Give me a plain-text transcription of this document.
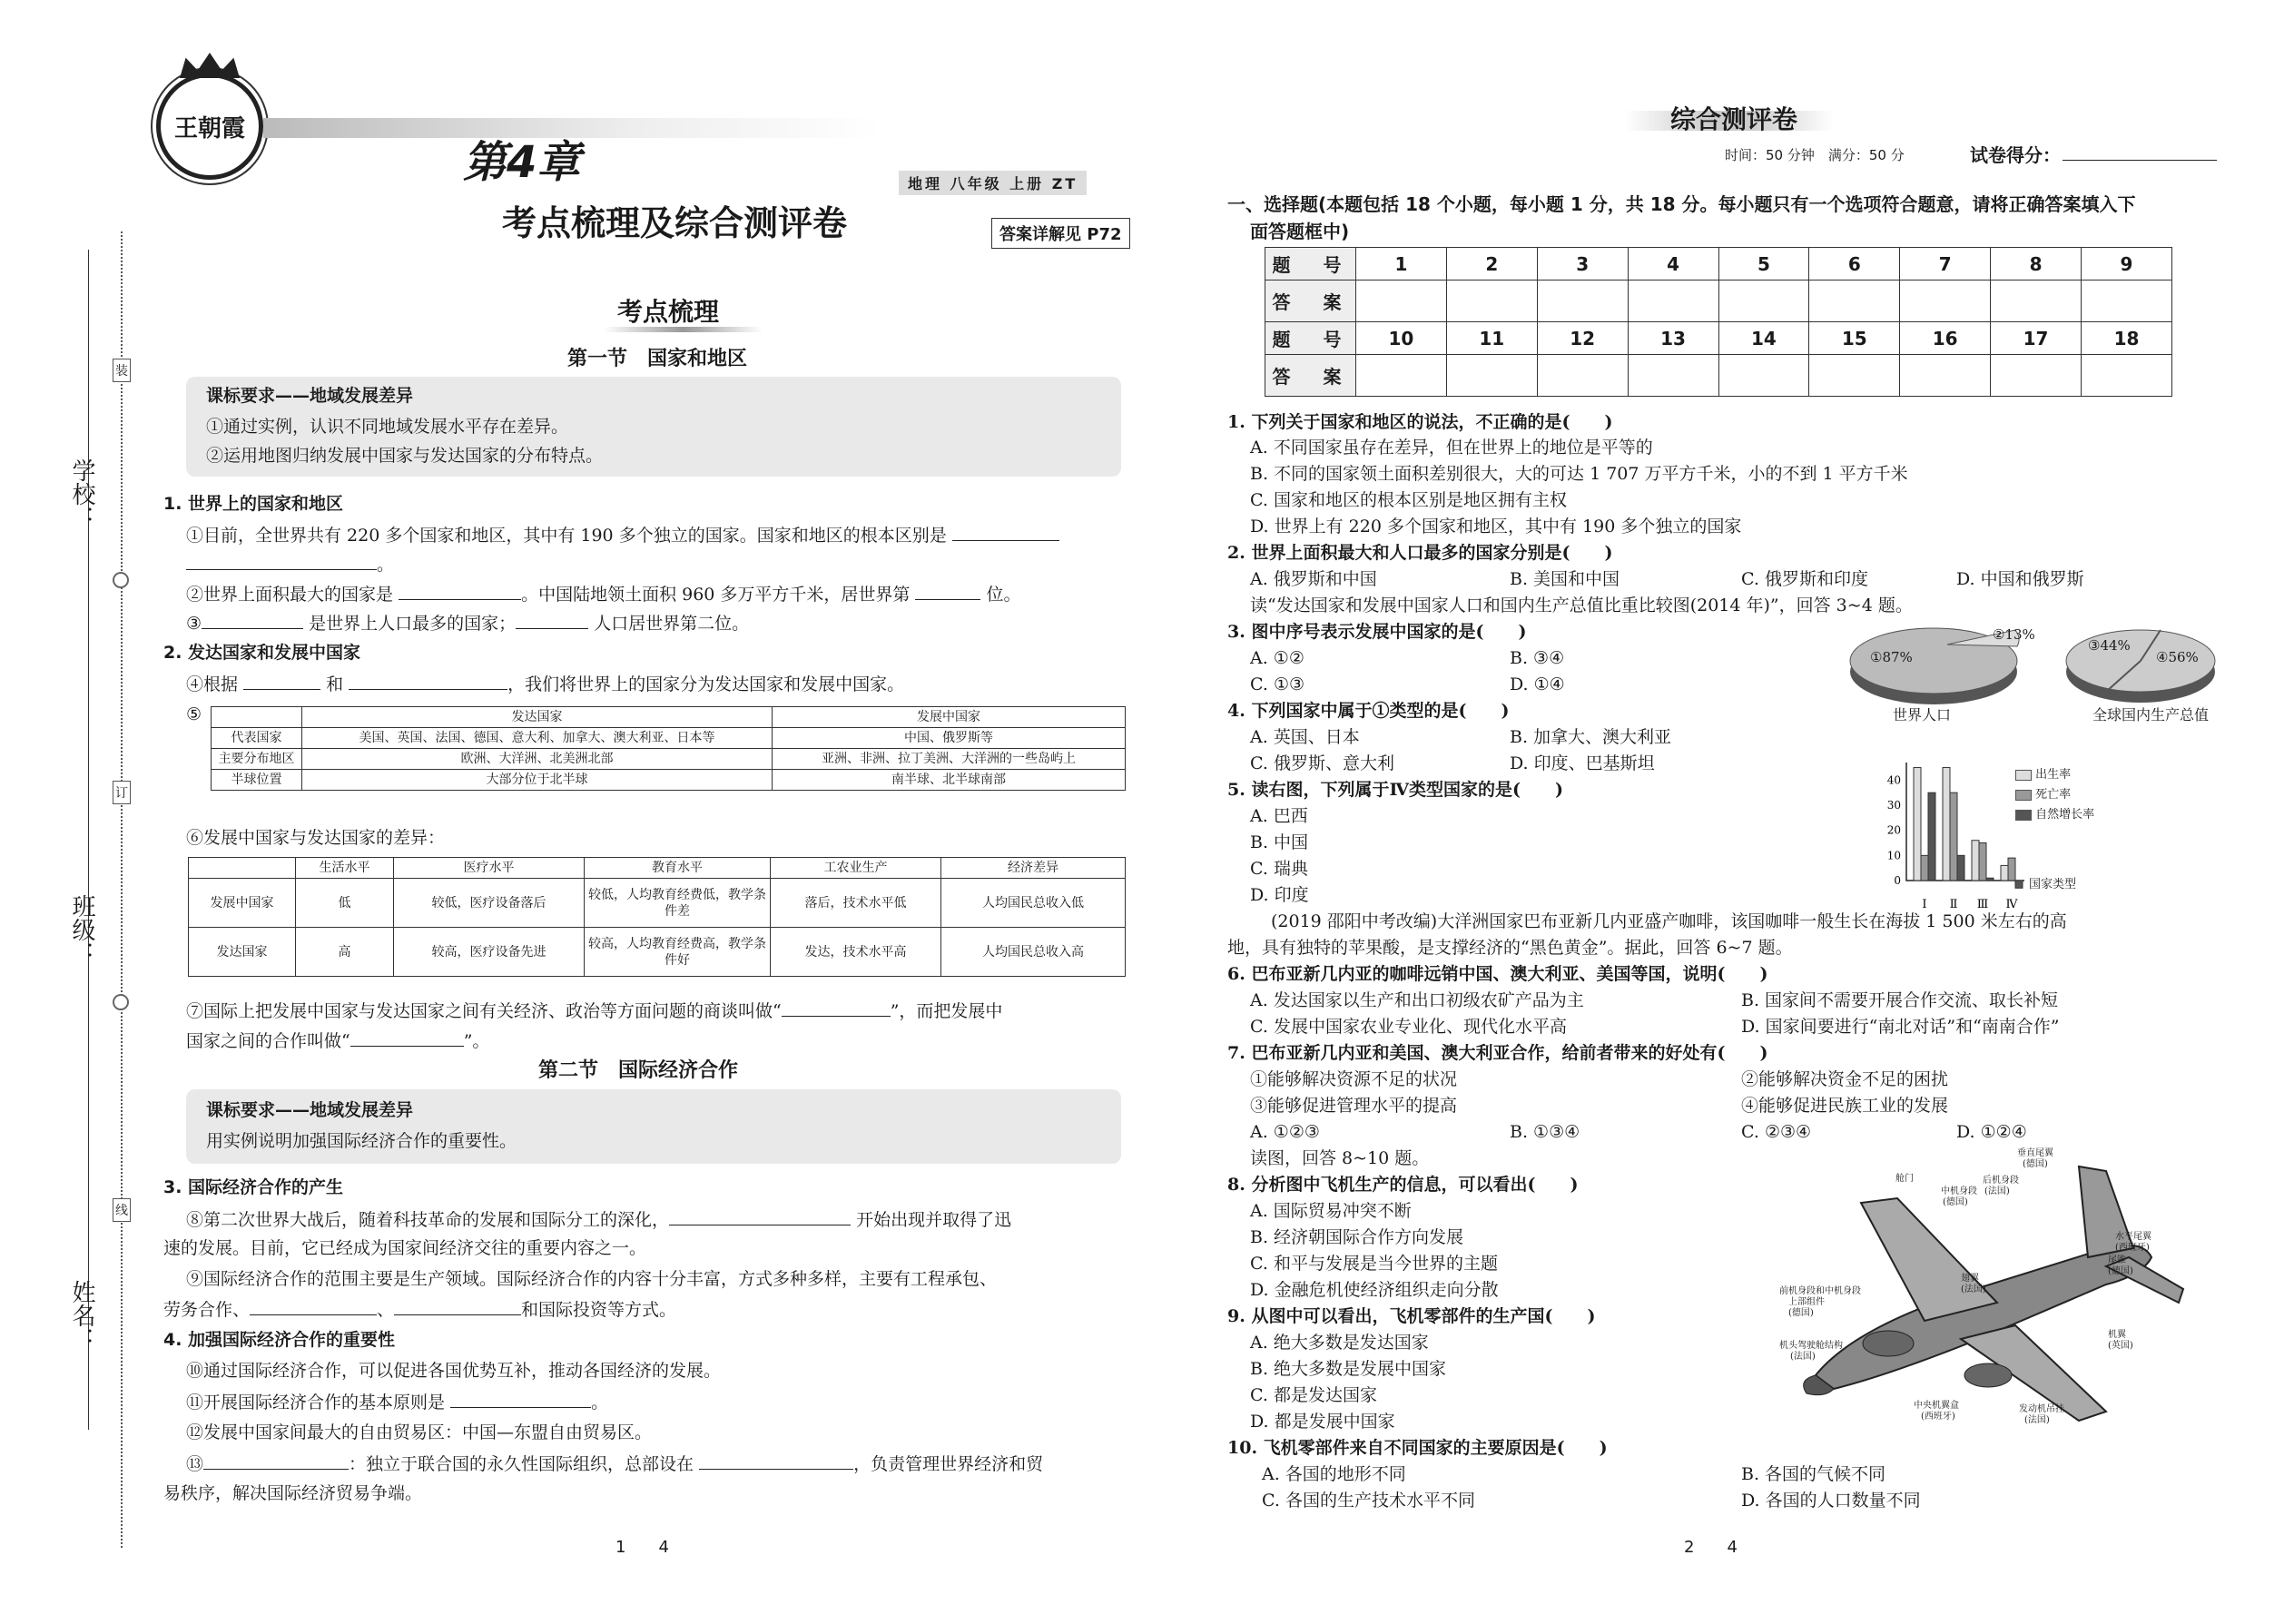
学校：
班级：
姓名：
装
订
线
王朝霞
第4章
考点梳理及综合测评卷
地理 八年级 上册 ZT
答案详解见 P72
考点梳理
第一节　国家和地区
课标要求——地域发展差异
①通过实例，认识不同地域发展水平存在差异。
②运用地图归纳发展中国家与发达国家的分布特点。
1. 世界上的国家和地区
①目前，全世界共有 220 多个国家和地区，其中有 190 多个独立的国家。国家和地区的根本区别是
。
②世界上面积最大的国家是	。中国陆地领土面积 960 多万平方千米，居世界第	位。
③	是世界上人口最多的国家；	人口居世界第二位。
2. 发达国家和发展中国家
④根据	和	，我们将世界上的国家分为发达国家和发展中国家。
⑤
		发达国家	发展中国家
代表国家	美国、英国、法国、德国、意大利、加拿大、澳大利亚、日本等	中国、俄罗斯等
主要分布地区	欧洲、大洋洲、北美洲北部	亚洲、非洲、拉丁美洲、大洋洲的一些岛屿上
半球位置	大部分位于北半球	南半球、北半球南部
⑥发展中国家与发达国家的差异：
	生活水平	医疗水平	教育水平	工农业生产	经济差异
发展中国家	低	较低，医疗设备落后	较低，人均教育经费低，教学条件差	落后，技术水平低	人均国民总收入低
发达国家	高	较高，医疗设备先进	较高，人均教育经费高，教学条件好	发达，技术水平高	人均国民总收入高
⑦国际上把发展中国家与发达国家之间有关经济、政治等方面问题的商谈叫做“	”，而把发展中
国家之间的合作叫做“	”。
第二节　国际经济合作
课标要求——地域发展差异
用实例说明加强国际经济合作的重要性。
3. 国际经济合作的产生
⑧第二次世界大战后，随着科技革命的发展和国际分工的深化，	开始出现并取得了迅
速的发展。目前，它已经成为国家间经济交往的重要内容之一。
⑨国际经济合作的范围主要是生产领域。国际经济合作的内容十分丰富，方式多种多样，主要有工程承包、
劳务合作、	、	和国际投资等方式。
4. 加强国际经济合作的重要性
⑩通过国际经济合作，可以促进各国优势互补，推动各国经济的发展。
⑪开展国际经济合作的基本原则是	。
⑫发展中国家间最大的自由贸易区：中国—东盟自由贸易区。
⑬	：独立于联合国的永久性国际组织，总部设在	，负责管理世界经济和贸
易秩序，解决国际经济贸易争端。
1　　4
综合测评卷
时间：50 分钟　满分：50 分	试卷得分：
一、选择题(本题包括 18 个小题，每小题 1 分，共 18 分。每小题只有一个选项符合题意，请将正确答案填入下
面答题框中)
题　号	1	2	3	4	5	6	7	8	9
答　案									
题　号	10	11	12	13	14	15	16	17	18
答　案									
1. 下列关于国家和地区的说法，不正确的是(　　)
A. 不同国家虽存在差异，但在世界上的地位是平等的
B. 不同的国家领土面积差别很大，大的可达 1 707 万平方千米，小的不到 1 平方千米
C. 国家和地区的根本区别是地区拥有主权
D. 世界上有 220 多个国家和地区，其中有 190 多个独立的国家
2. 世界上面积最大和人口最多的国家分别是(　　)
A. 俄罗斯和中国	B. 美国和中国	C. 俄罗斯和印度	D. 中国和俄罗斯
读“发达国家和发展中国家人口和国内生产总值比重比较图(2014 年)”，回答 3~4 题。
3. 图中序号表示发展中国家的是(　　)
A. ①②	B. ③④
C. ①③	D. ①④
4. 下列国家中属于①类型的是(　　)
A. 英国、日本	B. 加拿大、澳大利亚
C. 俄罗斯、意大利	D. 印度、巴基斯坦
5. 读右图，下列属于Ⅳ类型国家的是(　　)
A. 巴西
B. 中国
C. 瑞典
D. 印度
(2019 邵阳中考改编)大洋洲国家巴布亚新几内亚盛产咖啡，该国咖啡一般生长在海拔 1 500 米左右的高
地，具有独特的苹果酸，是支撑经济的“黑色黄金”。据此，回答 6~7 题。
6. 巴布亚新几内亚的咖啡远销中国、澳大利亚、美国等国，说明(　　)
A. 发达国家以生产和出口初级农矿产品为主	B. 国家间不需要开展合作交流、取长补短
C. 发展中国家农业专业化、现代化水平高	D. 国家间要进行“南北对话”和“南南合作”
7. 巴布亚新几内亚和美国、澳大利亚合作，给前者带来的好处有(　　)
①能够解决资源不足的状况	②能够解决资金不足的困扰
③能够促进管理水平的提高	④能够促进民族工业的发展
A. ①②③	B. ①③④	C. ②③④	D. ①②④
读图，回答 8~10 题。
8. 分析图中飞机生产的信息，可以看出(　　)
A. 国际贸易冲突不断
B. 经济朝国际合作方向发展
C. 和平与发展是当今世界的主题
D. 金融危机使经济组织走向分散
9. 从图中可以看出，飞机零部件的生产国(　　)
A. 绝大多数是发达国家
B. 绝大多数是发展中国家
C. 都是发达国家
D. 都是发展中国家
10. 飞机零部件来自不同国家的主要原因是(　　)
A. 各国的地形不同	B. 各国的气候不同
C. 各国的生产技术水平不同	D. 各国的人口数量不同
2　　4
①87%
②13%
③44%
④56%
世界人口	全球国内生产总值
40
30
20
10
0
Ⅰ Ⅱ Ⅲ Ⅳ
出生率
死亡率
自然增长率
国家类型
垂直尾翼
(德国)
舱门	后机身段
(法国)
中机身段
(德国)
水平尾翼
(西班牙)
尾锥
(德国)
翅翼
(法国)
前机身段和中机身段
上部组件
(德国)
机翼
(英国)
机头驾驶舱结构
(法国)
中央机翼盒
(西班牙)
发动机吊挂
(法国)
